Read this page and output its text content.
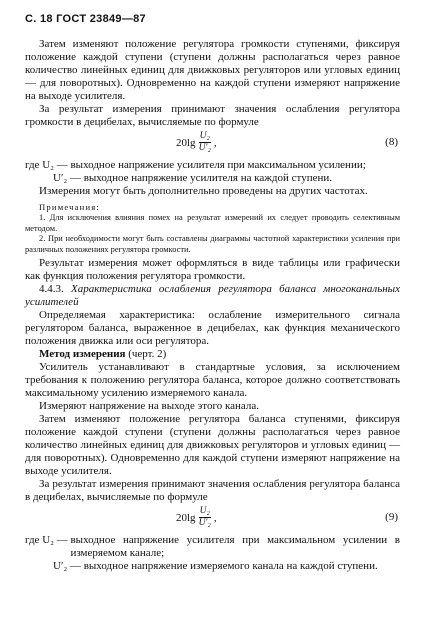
С. 18 ГОСТ 23849—87

Затем изменяют положение регулятора громкости ступенями, фиксируя положение каждой ступени (ступени должны располагаться через равное количество линейных единиц для движковых регуляторов или угловых единиц — для поворотных). Одновременно на каждой ступени измеряют напряжение на выходе усилителя.

За результат измерения принимают значения ослабления регулятора громкости в децибелах, вычисляемые по формуле

$20\lg \frac{\text{U₂}}{\text{U′₂}}$ ,	(8)
где U₂ — выходное напряжение усилителя при максимальном усилении;
U′₂ — выходное напряжение усилителя на каждой ступени.

Измерения могут быть дополнительно проведены на других частотах.

Примечания:

1. Для исключения влияния помех на результат измерений их следует проводить селективным методом.

2. При необходимости могут быть составлены диаграммы частотной характеристики усиления при различных положениях регулятора громкости.

Результат измерения может оформляться в виде таблицы или графически как функция положения регулятора громкости.

4.4.3. Характеристика ослабления регулятора баланса многоканальных усилителей

Определяемая характеристика: ослабление измерительного сигнала регулятором баланса, выраженное в децибелах, как функция механического положения движка или оси регулятора.

Метод измерения (черт. 2)

Усилитель устанавливают в стандартные условия, за исключением требования к положению регулятора баланса, которое должно соответствовать максимальному усилению измеряемого канала.

Измеряют напряжение на выходе этого канала.

Затем изменяют положение регулятора баланса ступенями, фиксируя положение каждой ступени (ступени должны располагаться через равное количество линейных единиц для движковых регуляторов и угловых единиц — для поворотных). Одновременно для каждой ступени измеряют напряжение на выходе усилителя.

За результат измерения принимают значения ослабления регулятора баланса в децибелах, вычисляемые по формуле

$20\lg \frac{\text{U₂}}{\text{U′₂}}$ ,	(9)
где U₂ — выходное напряжение усилителя при максимальном усилении в измеряемом канале;
U′₂ — выходное напряжение измеряемого канала на каждой ступени.
